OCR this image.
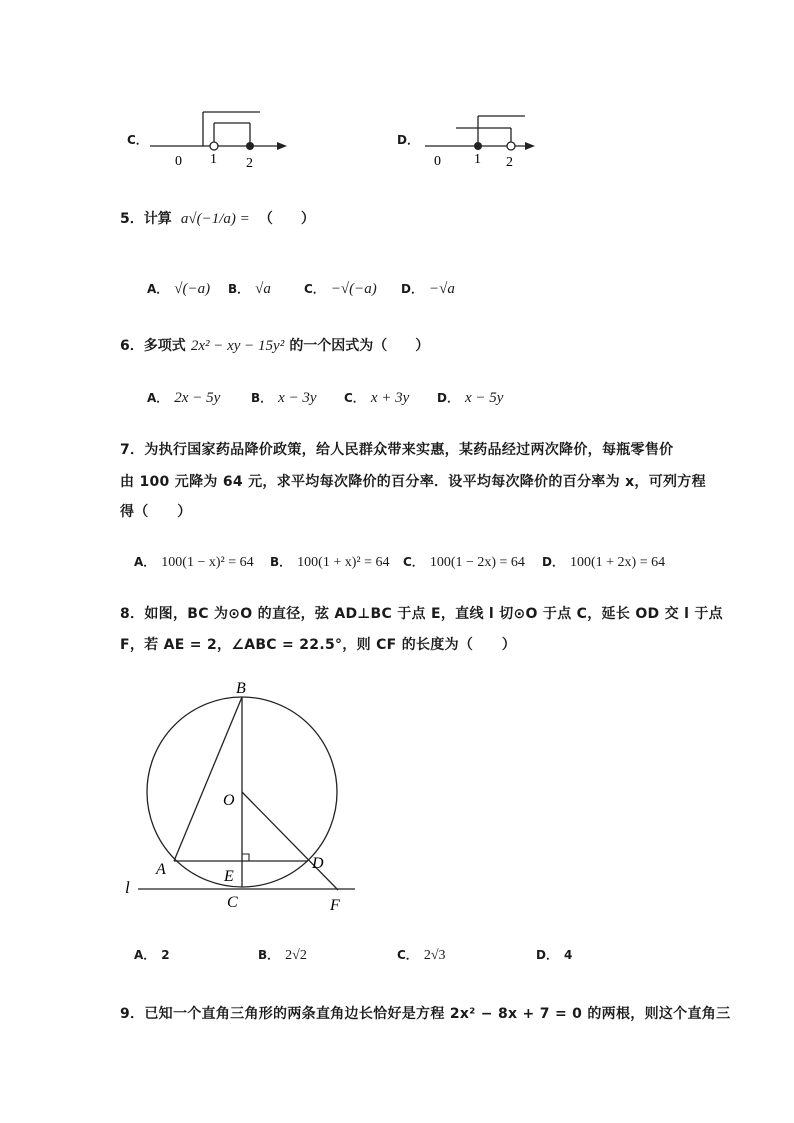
C．
0 1 2
D．
0 1 2
5．计算 a√(−1/a) = （　　）
A． √(−a) B． √a	C． −√(−a) D． −√a
6．多项式 2x² − xy − 15y² 的一个因式为（　　）
A． 2x − 5y	B． x − 3y C． x + 3y D． x − 5y
7．为执行国家药品降价政策，给人民群众带来实惠，某药品经过两次降价，每瓶零售价
由 100 元降为 64 元，求平均每次降价的百分率．设平均每次降价的百分率为 x，可列方程
得（　　）
A． 100(1 − x)² = 64 B． 100(1 + x)² = 64 C． 100(1 − 2x) = 64 D． 100(1 + 2x) = 64
8．如图，BC 为⊙O 的直径，弦 AD⊥BC 于点 E，直线 l 切⊙O 于点 C，延长 OD 交 l 于点
F，若 AE = 2，∠ABC = 22.5°，则 CF 的长度为（　　）
B
O
A	E
D
C	F
l
A． 2	B． 2√2	C． 2√3	D． 4
9．已知一个直角三角形的两条直角边长恰好是方程 2x² − 8x + 7 = 0 的两根，则这个直角三
